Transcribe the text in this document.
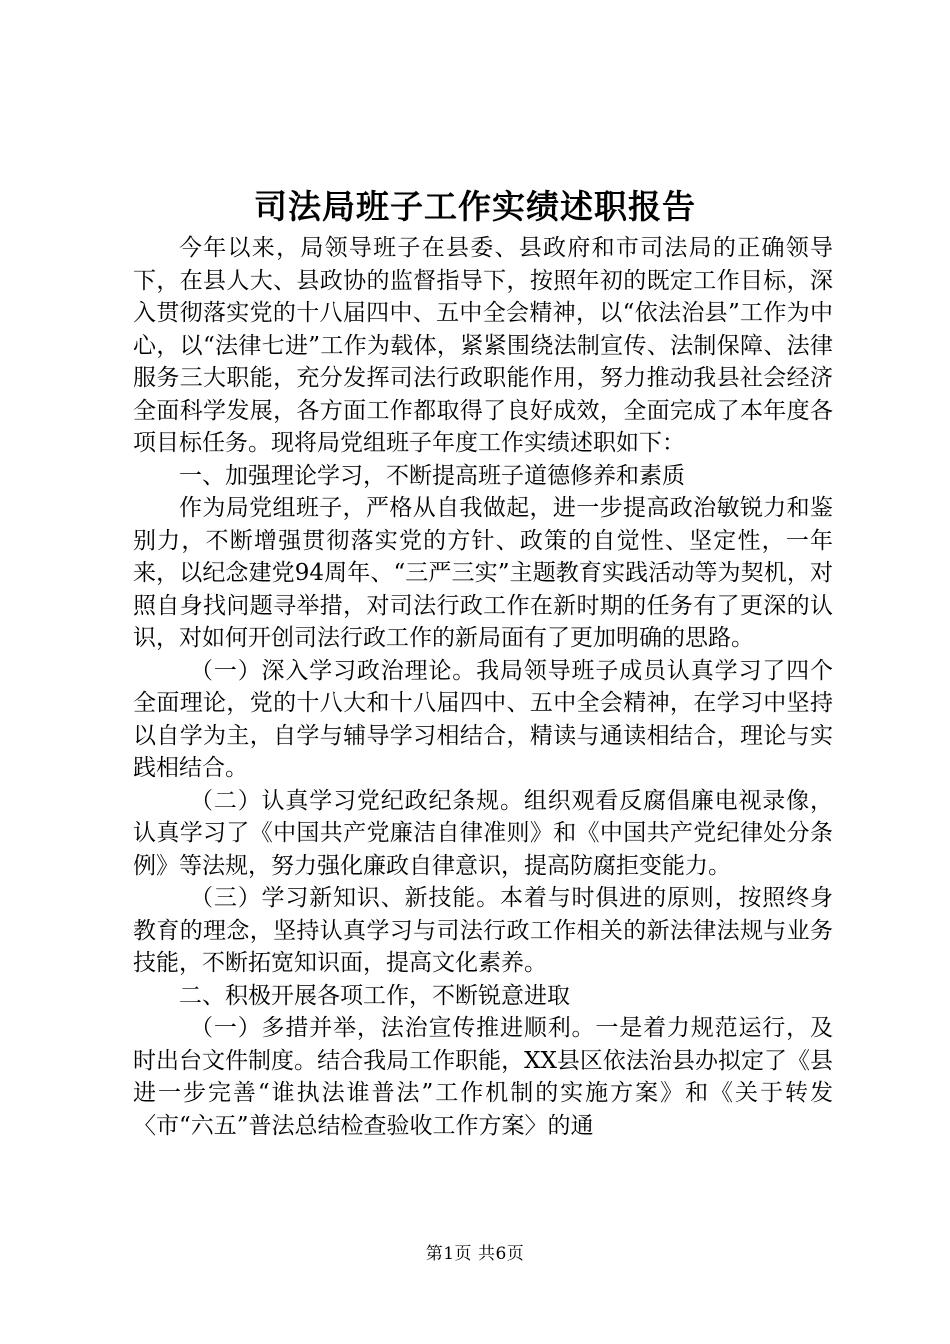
司法局班子工作实绩述职报告

今年以来，局领导班子在县委、县政府和市司法局的正确领导下，在县人大、县政协的监督指导下，按照年初的既定工作目标，深入贯彻落实党的十八届四中、五中全会精神，以“依法治县”工作为中心，以“法律七进”工作为载体，紧紧围绕法制宣传、法制保障、法律服务三大职能，充分发挥司法行政职能作用，努力推动我县社会经济全面科学发展，各方面工作都取得了良好成效，全面完成了本年度各项目标任务。现将局党组班子年度工作实绩述职如下：

一、加强理论学习，不断提高班子道德修养和素质

作为局党组班子，严格从自我做起，进一步提高政治敏锐力和鉴别力，不断增强贯彻落实党的方针、政策的自觉性、坚定性，一年来，以纪念建党94周年、“三严三实”主题教育实践活动等为契机，对照自身找问题寻举措，对司法行政工作在新时期的任务有了更深的认识，对如何开创司法行政工作的新局面有了更加明确的思路。

（一）深入学习政治理论。我局领导班子成员认真学习了四个全面理论，党的十八大和十八届四中、五中全会精神，在学习中坚持以自学为主，自学与辅导学习相结合，精读与通读相结合，理论与实践相结合。

（二）认真学习党纪政纪条规。组织观看反腐倡廉电视录像，认真学习了《中国共产党廉洁自律准则》和《中国共产党纪律处分条例》等法规，努力强化廉政自律意识，提高防腐拒变能力。

（三）学习新知识、新技能。本着与时俱进的原则，按照终身教育的理念，坚持认真学习与司法行政工作相关的新法律法规与业务技能，不断拓宽知识面，提高文化素养。

二、积极开展各项工作，不断锐意进取

（一）多措并举，法治宣传推进顺利。一是着力规范运行，及时出台文件制度。结合我局工作职能，XX县区依法治县办拟定了《县进一步完善“谁执法谁普法”工作机制的实施方案》和《关于转发〈市“六五”普法总结检查验收工作方案〉的通

第1页 共6页
